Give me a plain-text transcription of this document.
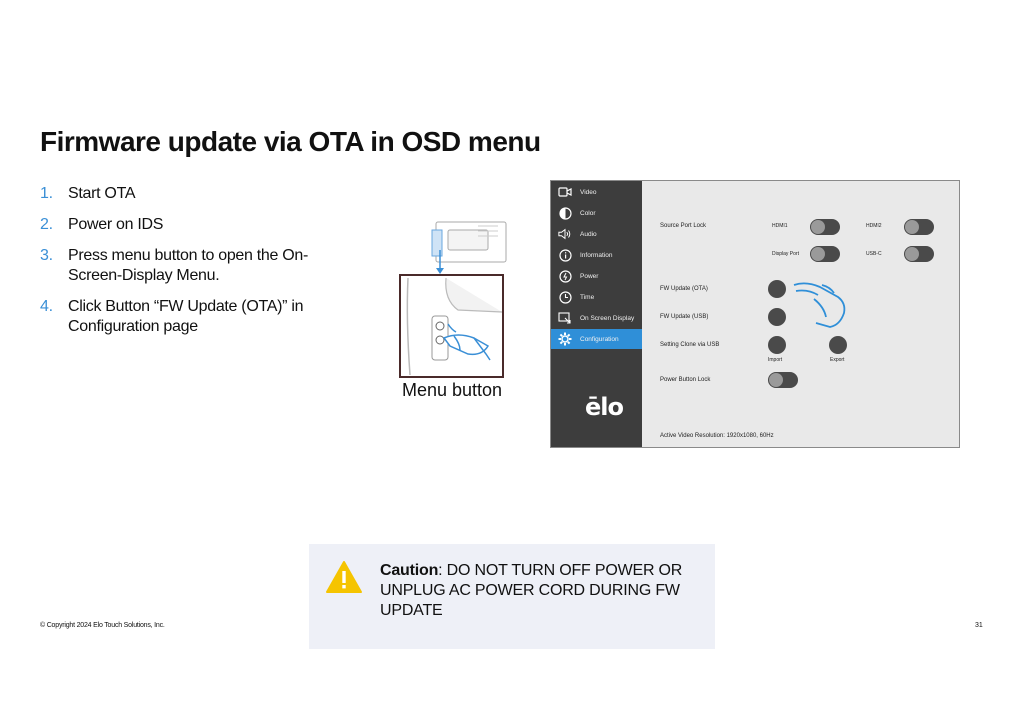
Firmware update via OTA in OSD menu
1. Start OTA
2. Power on IDS
3. Press menu button to open the On-Screen-Display Menu.
4. Click Button “FW Update (OTA)” in Configuration page
Menu button
Video
Color
Audio
Information
Power
Time
On Screen Display
Configuration
ēlo
Source Port Lock	HDMI1	HDMI2
Display Port	USB-C
FW Update (OTA)
FW Update (USB)
Setting Clone via USB
Import	Export
Power Button Lock
Active Video Resolution: 1920x1080, 60Hz
Caution: DO NOT TURN OFF POWER OR UNPLUG AC POWER CORD DURING FW UPDATE
© Copyright 2024 Elo Touch Solutions, Inc.	31
